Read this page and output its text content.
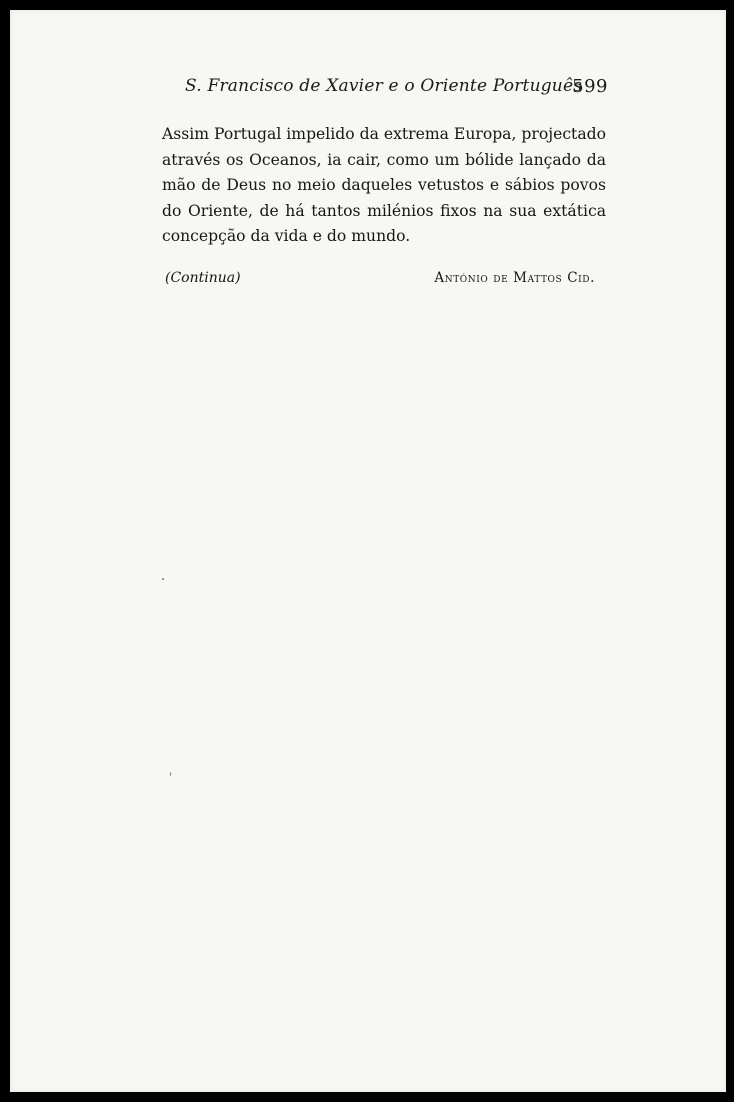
S. Francisco de Xavier e o Oriente Português
599

Assim Portugal impelido da extrema Europa, projectado através os Oceanos, ia cair, como um bólide lançado da mão de Deus no meio daqueles vetustos e sábios povos do Oriente, de há tantos milénios fixos na sua extática concepção da vida e do mundo.

(Continua)	António de Mattos Cid.
